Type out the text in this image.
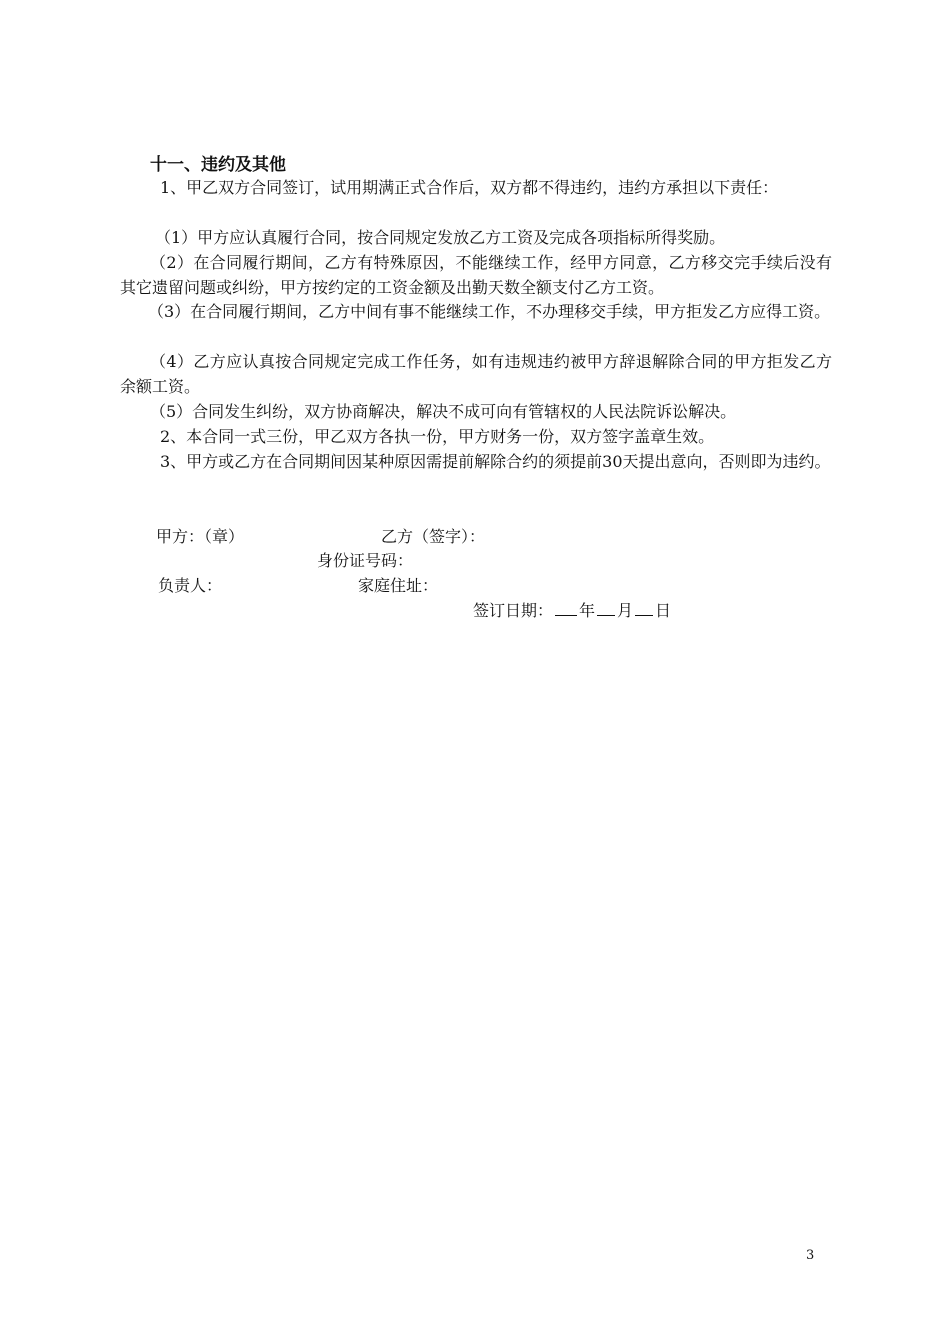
十一、违约及其他
1、甲乙双方合同签订，试用期满正式合作后，双方都不得违约，违约方承担以下责任：
（1）甲方应认真履行合同，按合同规定发放乙方工资及完成各项指标所得奖励。
（2）在合同履行期间，乙方有特殊原因，不能继续工作，经甲方同意，乙方移交完手续后没有其它遗留问题或纠纷，甲方按约定的工资金额及出勤天数全额支付乙方工资。
（3）在合同履行期间，乙方中间有事不能继续工作，不办理移交手续，甲方拒发乙方应得工资。
（4）乙方应认真按合同规定完成工作任务，如有违规违约被甲方辞退解除合同的甲方拒发乙方余额工资。
（5）合同发生纠纷，双方协商解决，解决不成可向有管辖权的人民法院诉讼解决。
2、本合同一式三份，甲乙双方各执一份，甲方财务一份，双方签字盖章生效。
3、甲方或乙方在合同期间因某种原因需提前解除合约的须提前30天提出意向，否则即为违约。
甲方：（章）	乙方（签字）：
身份证号码：
负责人：	家庭住址：
签订日期： 年 月 日
3
